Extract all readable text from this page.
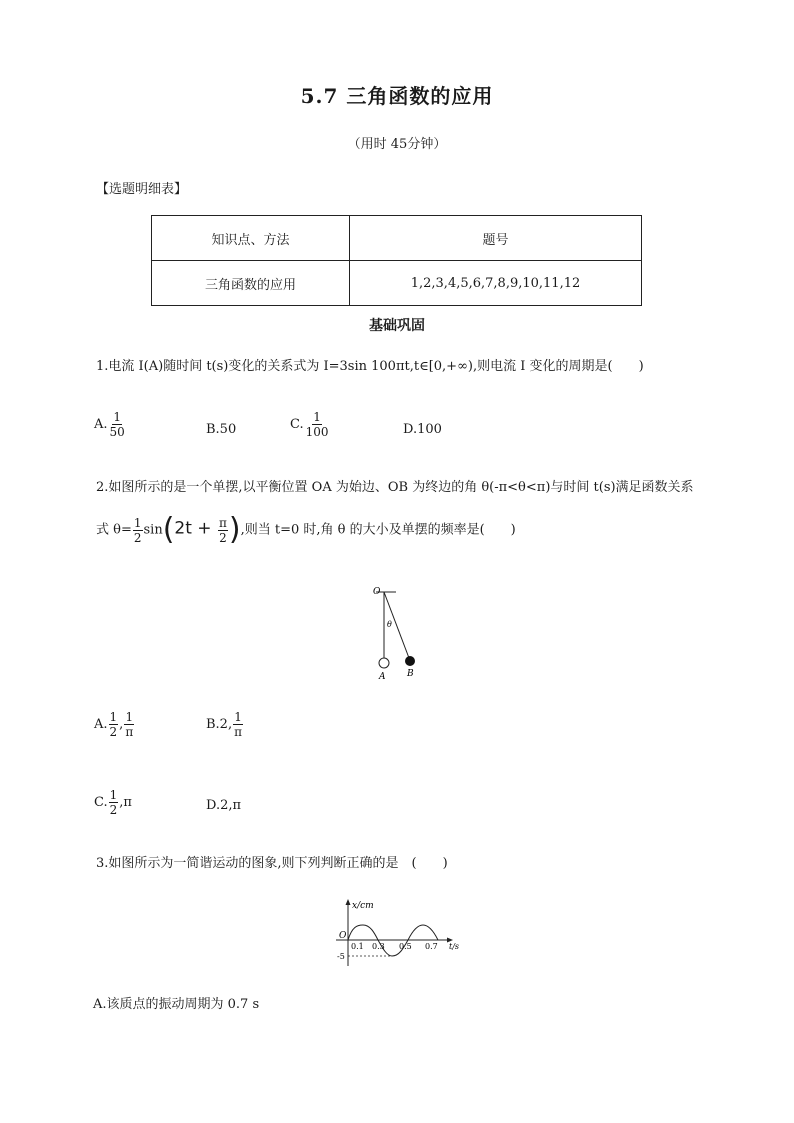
5.7 三角函数的应用
（用时 45分钟）
【选题明细表】
知识点、方法	题号
三角函数的应用	1,2,3,4,5,6,7,8,9,10,11,12
基础巩固
1.电流 I(A)随时间 t(s)变化的关系式为 I=3sin 100πt,t∈[0,+∞),则电流 I 变化的周期是(　　)
A. $\frac{1}{50}$	B.50	C. $\frac{1}{100}$	D.100
2.如图所示的是一个单摆,以平衡位置 OA 为始边、OB 为终边的角 θ(-π<θ<π)与时间 t(s)满足函数关系
式 $\theta= \frac{1}{2} \sin(2t + \frac{\pi}{2}$ ),则当 t=0 时,角 θ 的大小及单摆的频率是(　　)
O
θ
A B
A. $\frac{1}{2}$ , $\frac{1}{\pi}$	B.2, $\frac{1}{\pi}$
C. $\frac{1}{2} ,\pi$	D.2,π
3.如图所示为一简谐运动的图象,则下列判断正确的是　(　　)
x/cm
O
0.1 0.3 0.5 0.7 t/s
-5
A.该质点的振动周期为 0.7 s
